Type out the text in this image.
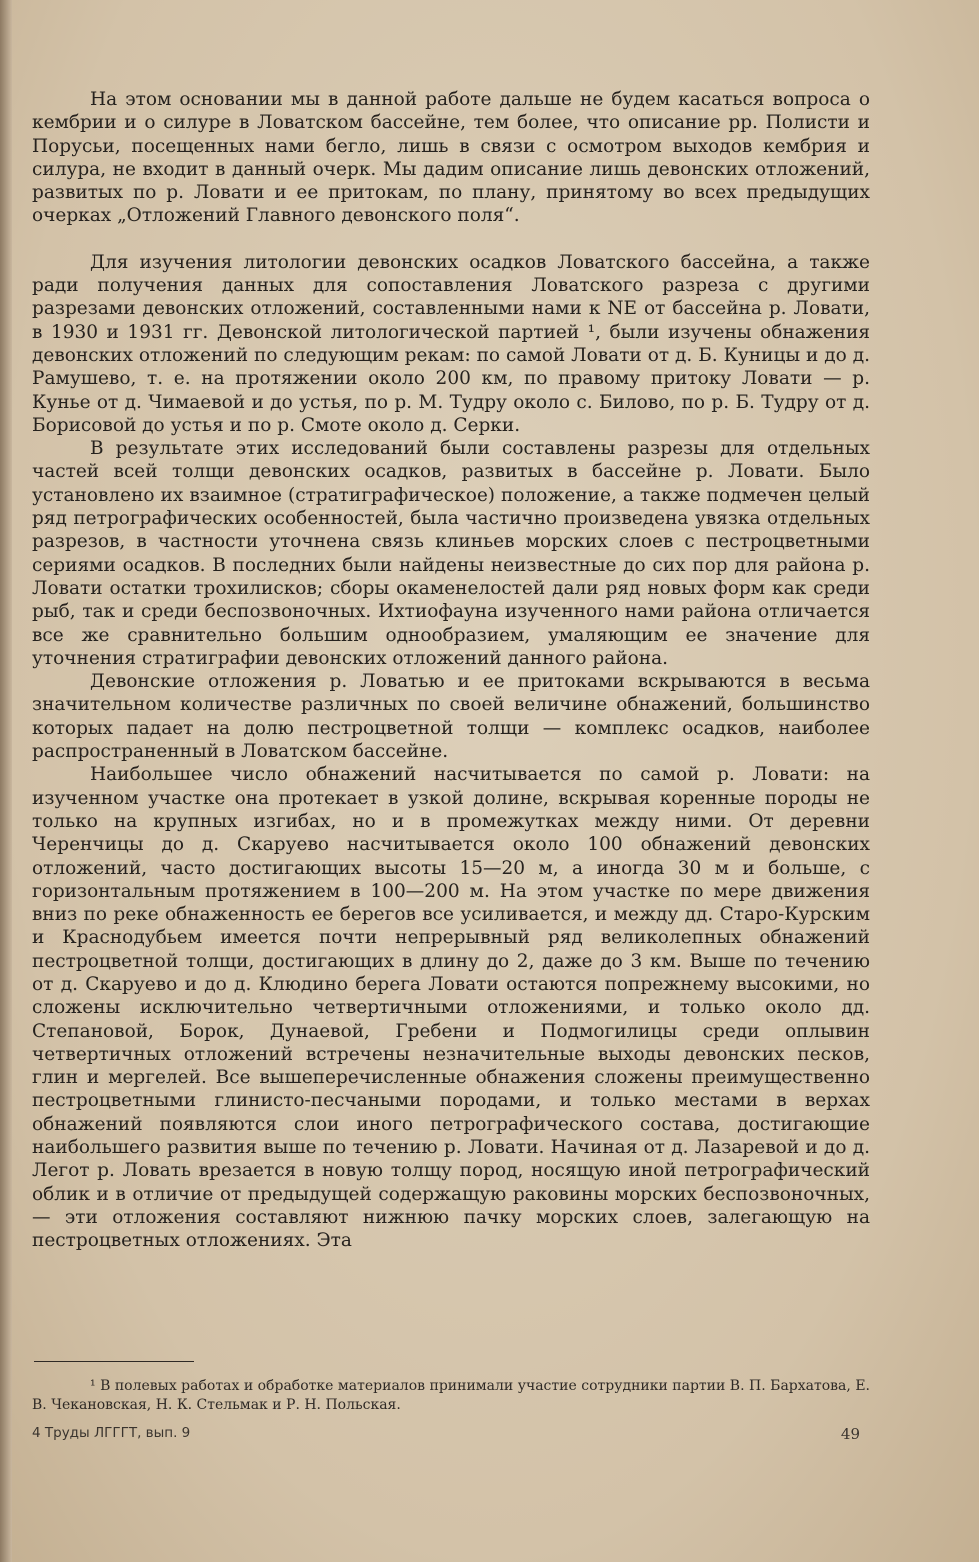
На этом основании мы в данной работе дальше не будем касаться вопроса о кембрии и о силуре в Ловатском бассейне, тем более, что описание рр. Полисти и Порусьи, посещенных нами бегло, лишь в связи с осмотром выходов кембрия и силура, не входит в данный очерк. Мы дадим описание лишь девонских отложений, развитых по р. Ловати и ее притокам, по плану, принятому во всех предыдущих очерках „Отложений Главного девонского поля“.

Для изучения литологии девонских осадков Ловатского бассейна, а также ради получения данных для сопоставления Ловатского разреза с другими разрезами девонских отложений, составленными нами к NE от бассейна р. Ловати, в 1930 и 1931 гг. Девонской литологической партией ¹, были изучены обнажения девонских отложений по следующим рекам: по самой Ловати от д. Б. Куницы и до д. Рамушево, т. е. на протяжении около 200 км, по правому притоку Ловати — р. Кунье от д. Чимаевой и до устья, по р. М. Тудру около с. Билово, по р. Б. Тудру от д. Борисовой до устья и по р. Смоте около д. Серки.

В результате этих исследований были составлены разрезы для отдельных частей всей толщи девонских осадков, развитых в бассейне р. Ловати. Было установлено их взаимное (стратиграфическое) положение, а также подмечен целый ряд петрографических особенностей, была частично произведена увязка отдельных разрезов, в частности уточнена связь клиньев морских слоев с пестроцветными сериями осадков. В последних были найдены неизвестные до сих пор для района р. Ловати остатки трохилисков; сборы окаменелостей дали ряд новых форм как среди рыб, так и среди беспозвоночных. Ихтиофауна изученного нами района отличается все же сравнительно большим однообразием, умаляющим ее значение для уточнения стратиграфии девонских отложений данного района.

Девонские отложения р. Ловатью и ее притоками вскрываются в весьма значительном количестве различных по своей величине обнажений, большинство которых падает на долю пестроцветной толщи — комплекс осадков, наиболее распространенный в Ловатском бассейне.

Наибольшее число обнажений насчитывается по самой р. Ловати: на изученном участке она протекает в узкой долине, вскрывая коренные породы не только на крупных изгибах, но и в промежутках между ними. От деревни Черенчицы до д. Скаруево насчитывается около 100 обнажений девонских отложений, часто достигающих высоты 15—20 м, а иногда 30 м и больше, с горизонтальным протяжением в 100—200 м. На этом участке по мере движения вниз по реке обнаженность ее берегов все усиливается, и между дд. Старо-Курским и Краснодубьем имеется почти непрерывный ряд великолепных обнажений пестроцветной толщи, достигающих в длину до 2, даже до 3 км. Выше по течению от д. Скаруево и до д. Клюдино берега Ловати остаются попрежнему высокими, но сложены исключительно четвертичными отложениями, и только около дд. Степановой, Борок, Дунаевой, Гребени и Подмогилицы среди оплывин четвертичных отложений встречены незначительные выходы девонских песков, глин и мергелей. Все вышеперечисленные обнажения сложены преимущественно пестроцветными глинисто-песчаными породами, и только местами в верхах обнажений появляются слои иного петрографического состава, достигающие наибольшего развития выше по течению р. Ловати. Начиная от д. Лазаревой и до д. Легот р. Ловать врезается в новую толщу пород, носящую иной петрографический облик и в отличие от предыдущей содержащую раковины морских беспозвоночных, — эти отложения составляют нижнюю пачку морских слоев, залегающую на пестроцветных отложениях. Эта

¹ В полевых работах и обработке материалов принимали участие сотрудники партии В. П. Бархатова, Е. В. Чекановская, Н. К. Стельмак и Р. Н. Польская.
4 Труды ЛГГГТ, вып. 9	49
